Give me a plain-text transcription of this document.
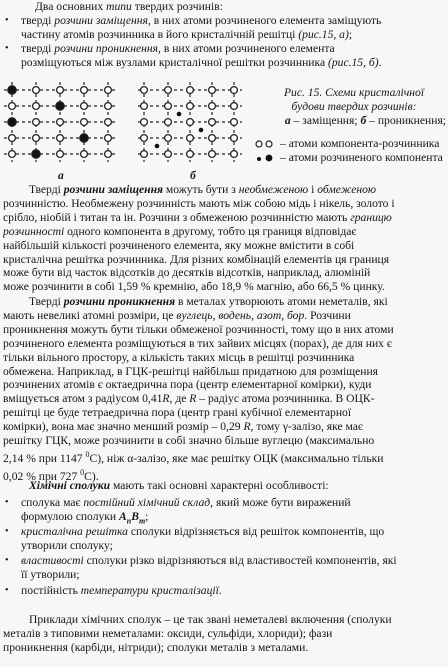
Два основних типи твердих розчинів:
• тверді розчини заміщення, в них атоми розчиненого елемента заміщують
частину атомів розчинника в його кристалічній решітці (рис.15, а);
• тверді розчини проникнення, в них атоми розчиненого елемента
розміщуються між вузлами кристалічної решітки розчинника (рис.15, б).
а	б
Рис. 15. Схеми кристалічної
будови твердих розчинів:
а – заміщення; б – проникнення;
– атоми компонента-розчинника
– атоми розчиненого компонента
Тверді розчини заміщення можуть бути з необмеженою і обмеженою
розчинністю. Необмежену розчинність мають між собою мідь і нікель, золото і
срібло, ніобій і титан та ін. Розчини з обмеженою розчинністю мають границю
розчинності одного компонента в другому, тобто ця границя відповідає
найбільшій кількості розчиненого елемента, яку можне вмістити в собі
кристалічна решітка розчинника. Для різних комбінацій елементів ця границя
може бути від часток відсотків до десятків відсотків, наприклад, алюміній
може розчинити в собі 1,59 % кремнію, або 18,9 % магнію, або 66,5 % цинку.
Тверді розчини проникнення в металах утворюють атоми неметалів, які
мають невеликі атомні розміри, це вуглець, водень, азот, бор. Розчини
проникнення можуть бути тільки обмеженої розчинності, тому що в них атоми
розчиненого елемента розміщуються в тих зайвих місцях (порах), де для них є
тільки вільного простору, а кількість таких місць в решітці розчинника
обмежена. Наприклад, в ГЦК-решітці найбільш придатною для розміщення
розчинених атомів є октаедрична пора (центр елементарної комірки), куди
вміщується атом з радіусом 0,41R, де R – радіус атома розчинника. В ОЦК-
решітці це буде тетраедрична пора (центр грані кубічної елементарної
комірки), вона має значно менший розмір – 0,29 R, тому γ-залізо, яке має
решітку ГЦК, може розчинити в собі значно більше вуглецю (максимально
2,14 % при 1147 $^0$С), ніж α-залізо, яке має решітку ОЦК (максимально тільки
0,02 % при 727 $^0$С).
Хімічні сполуки мають такі основні характерні особливості:
• сполука має постійний хімічний склад, який може бути виражений
формулою сполуки $A_nB_m$;
• кристалічна решітка сполуки відрізняється від решіток компонентів, що
утворили сполуку;
• властивості сполуки різко відрізняються від властивостей компонентів, які
її утворили;
• постійність температури кристалізації.
Приклади хімічних сполук – це так звані неметалеві включення (сполуки
металів з типовими неметалами: оксиди, сульфіди, хлориди); фази
проникнення (карбіди, нітриди); сполуки металів з металами.
